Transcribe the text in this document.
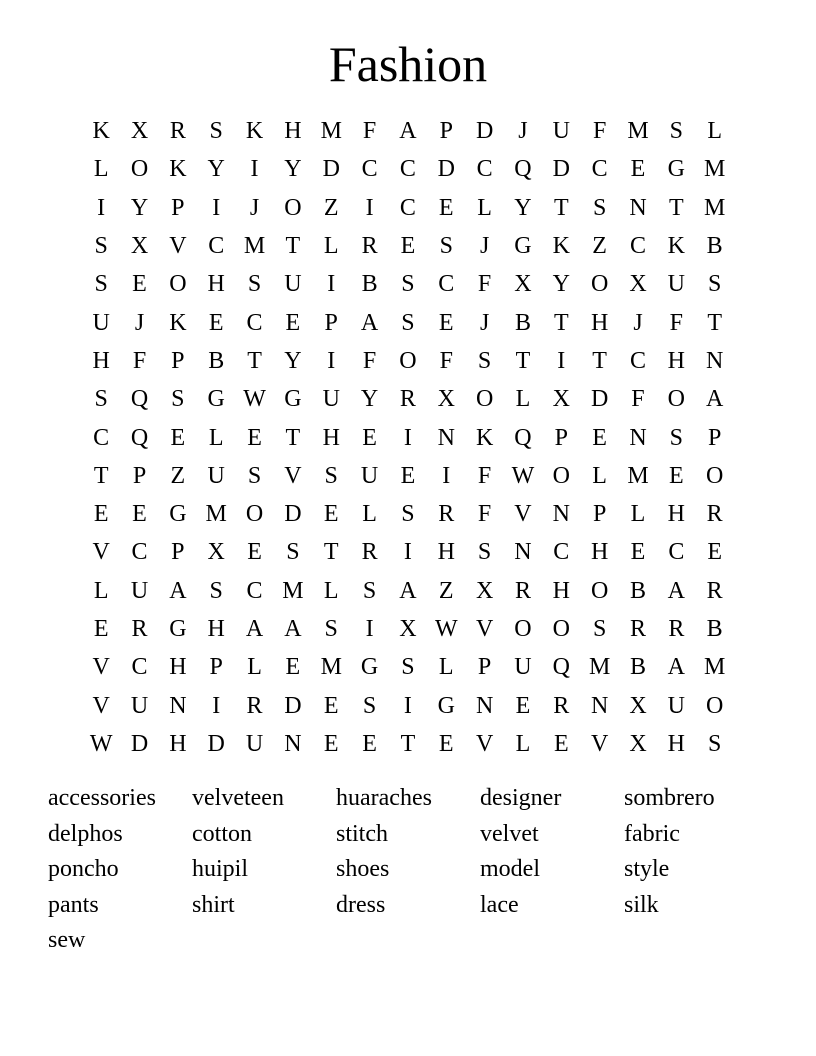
Fashion
K X R S K H M F A P D	J	U F M S	L
L O K Y	I	Y D C C D C Q D C E G M
I	Y P	I	J	O Z	I	C E L Y T	S N T M
S X V C M T L R E	S	J	G K Z C K B
S	E O H S U	I	B S C F X Y O X U S
U	J	K E C E	P A S	E	J	B T H	J	F	T
H F	P B T Y	I	F O F	S	T	I	T C H N
S Q S G W G U Y R X O L X D F O A
C Q E L E T H E	I	N K Q P	E N S	P
T	P	Z U S V S U E	I	F W O L M E O
E E G M O D E L	S R F V N P	L H R
V C P X E	S	T R	I	H S N C H E C E
L U A S C M L	S A Z X R H O B A R
E R G H A A S	I	X W V O O S R R B
V C H P	L E M G S	L	P U Q M B A M
V U N	I	R D E	S	I	G N E R N X U O
W D H D U N E E T E V L E V X H S
accessories	velveteen	huaraches	designer	sombrero
delphos	cotton	stitch	velvet	fabric
poncho	huipil	shoes	model	style
pants	shirt	dress	lace	silk
sew
